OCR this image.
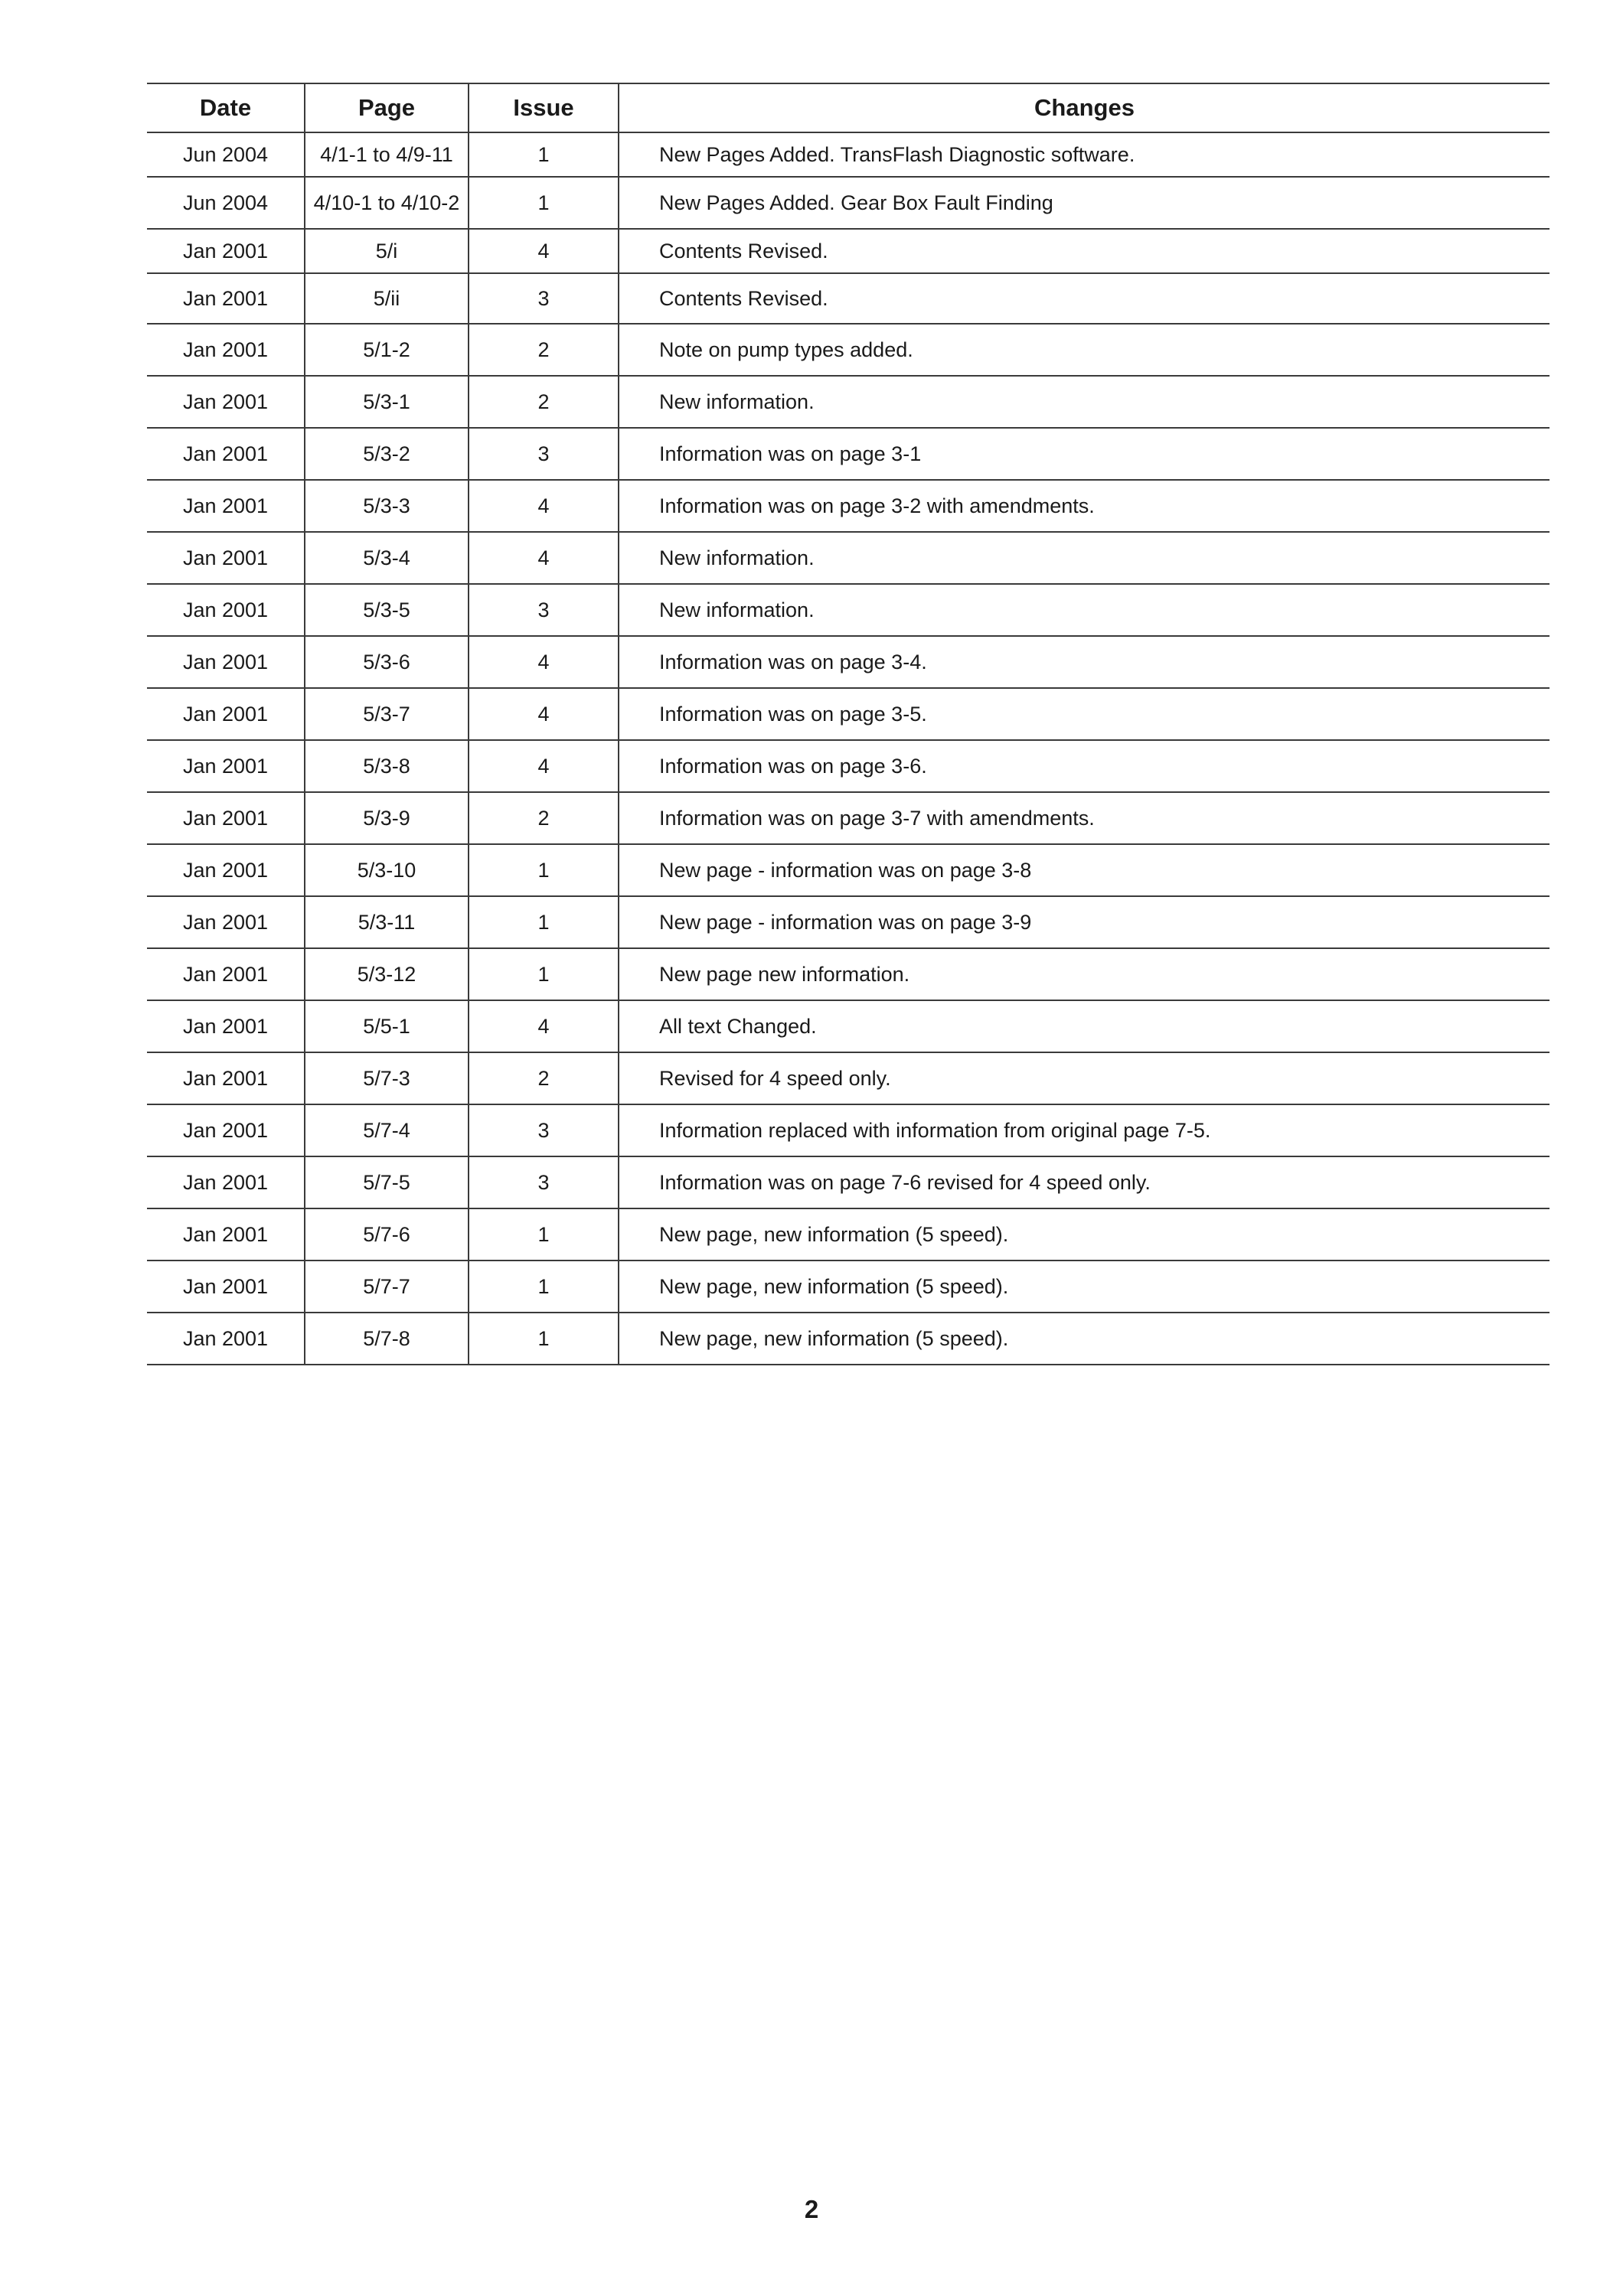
Date	Page	Issue	Changes
Jun 2004	4/1-1 to 4/9-11	1	New Pages Added. TransFlash Diagnostic software.
Jun 2004	4/10-1 to 4/10-2	1	New Pages Added. Gear Box Fault Finding
Jan 2001	5/i	4	Contents Revised.
Jan 2001	5/ii	3	Contents Revised.
Jan 2001	5/1-2	2	Note on pump types added.
Jan 2001	5/3-1	2	New information.
Jan 2001	5/3-2	3	Information was on page 3-1
Jan 2001	5/3-3	4	Information was on page 3-2 with amendments.
Jan 2001	5/3-4	4	New information.
Jan 2001	5/3-5	3	New information.
Jan 2001	5/3-6	4	Information was on page 3-4.
Jan 2001	5/3-7	4	Information was on page 3-5.
Jan 2001	5/3-8	4	Information was on page 3-6.
Jan 2001	5/3-9	2	Information was on page 3-7 with amendments.
Jan 2001	5/3-10	1	New page - information was on page 3-8
Jan 2001	5/3-11	1	New page - information was on page 3-9
Jan 2001	5/3-12	1	New page new information.
Jan 2001	5/5-1	4	All text Changed.
Jan 2001	5/7-3	2	Revised for 4 speed only.
Jan 2001	5/7-4	3	Information replaced with information from original page 7-5.
Jan 2001	5/7-5	3	Information was on page 7-6 revised for 4 speed only.
Jan 2001	5/7-6	1	New page, new information (5 speed).
Jan 2001	5/7-7	1	New page, new information (5 speed).
Jan 2001	5/7-8	1	New page, new information (5 speed).
2
